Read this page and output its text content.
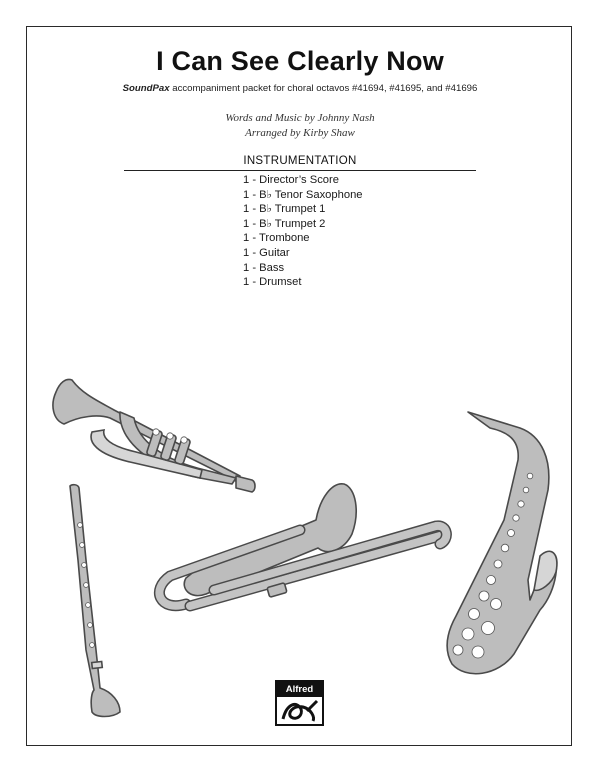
I Can See Clearly Now
SoundPax accompaniment packet for choral octavos #41694, #41695, and #41696
Words and Music by Johnny Nash
Arranged by Kirby Shaw
INSTRUMENTATION
1 - Director’s Score
1 - B♭ Tenor Saxophone
1 - B♭ Trumpet 1
1 - B♭ Trumpet 2
1 - Trombone
1 - Guitar
1 - Bass
1 - Drumset
Alfred
